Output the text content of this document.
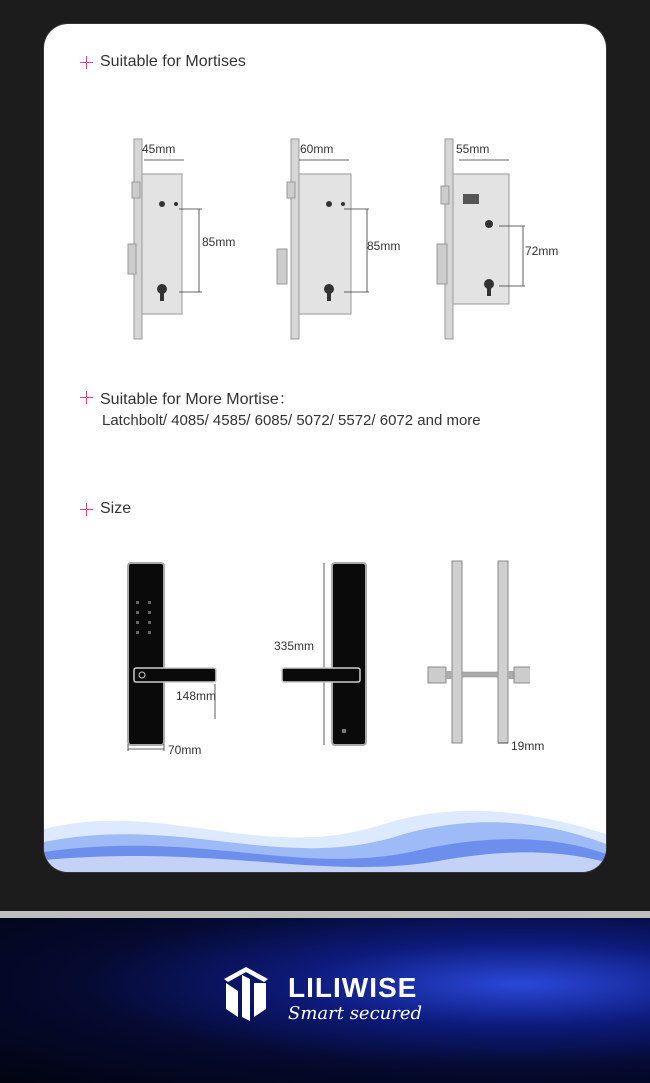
Suitable for Mortises
45mm
85mm
60mm
85mm
55mm
72mm
Suitable for More Mortise：
Latchbolt/ 4085/ 4585/ 6085/ 5072/ 5572/ 6072 and more
Size
148mm
70mm
335mm
19mm
LILIWISE
Smart secured
